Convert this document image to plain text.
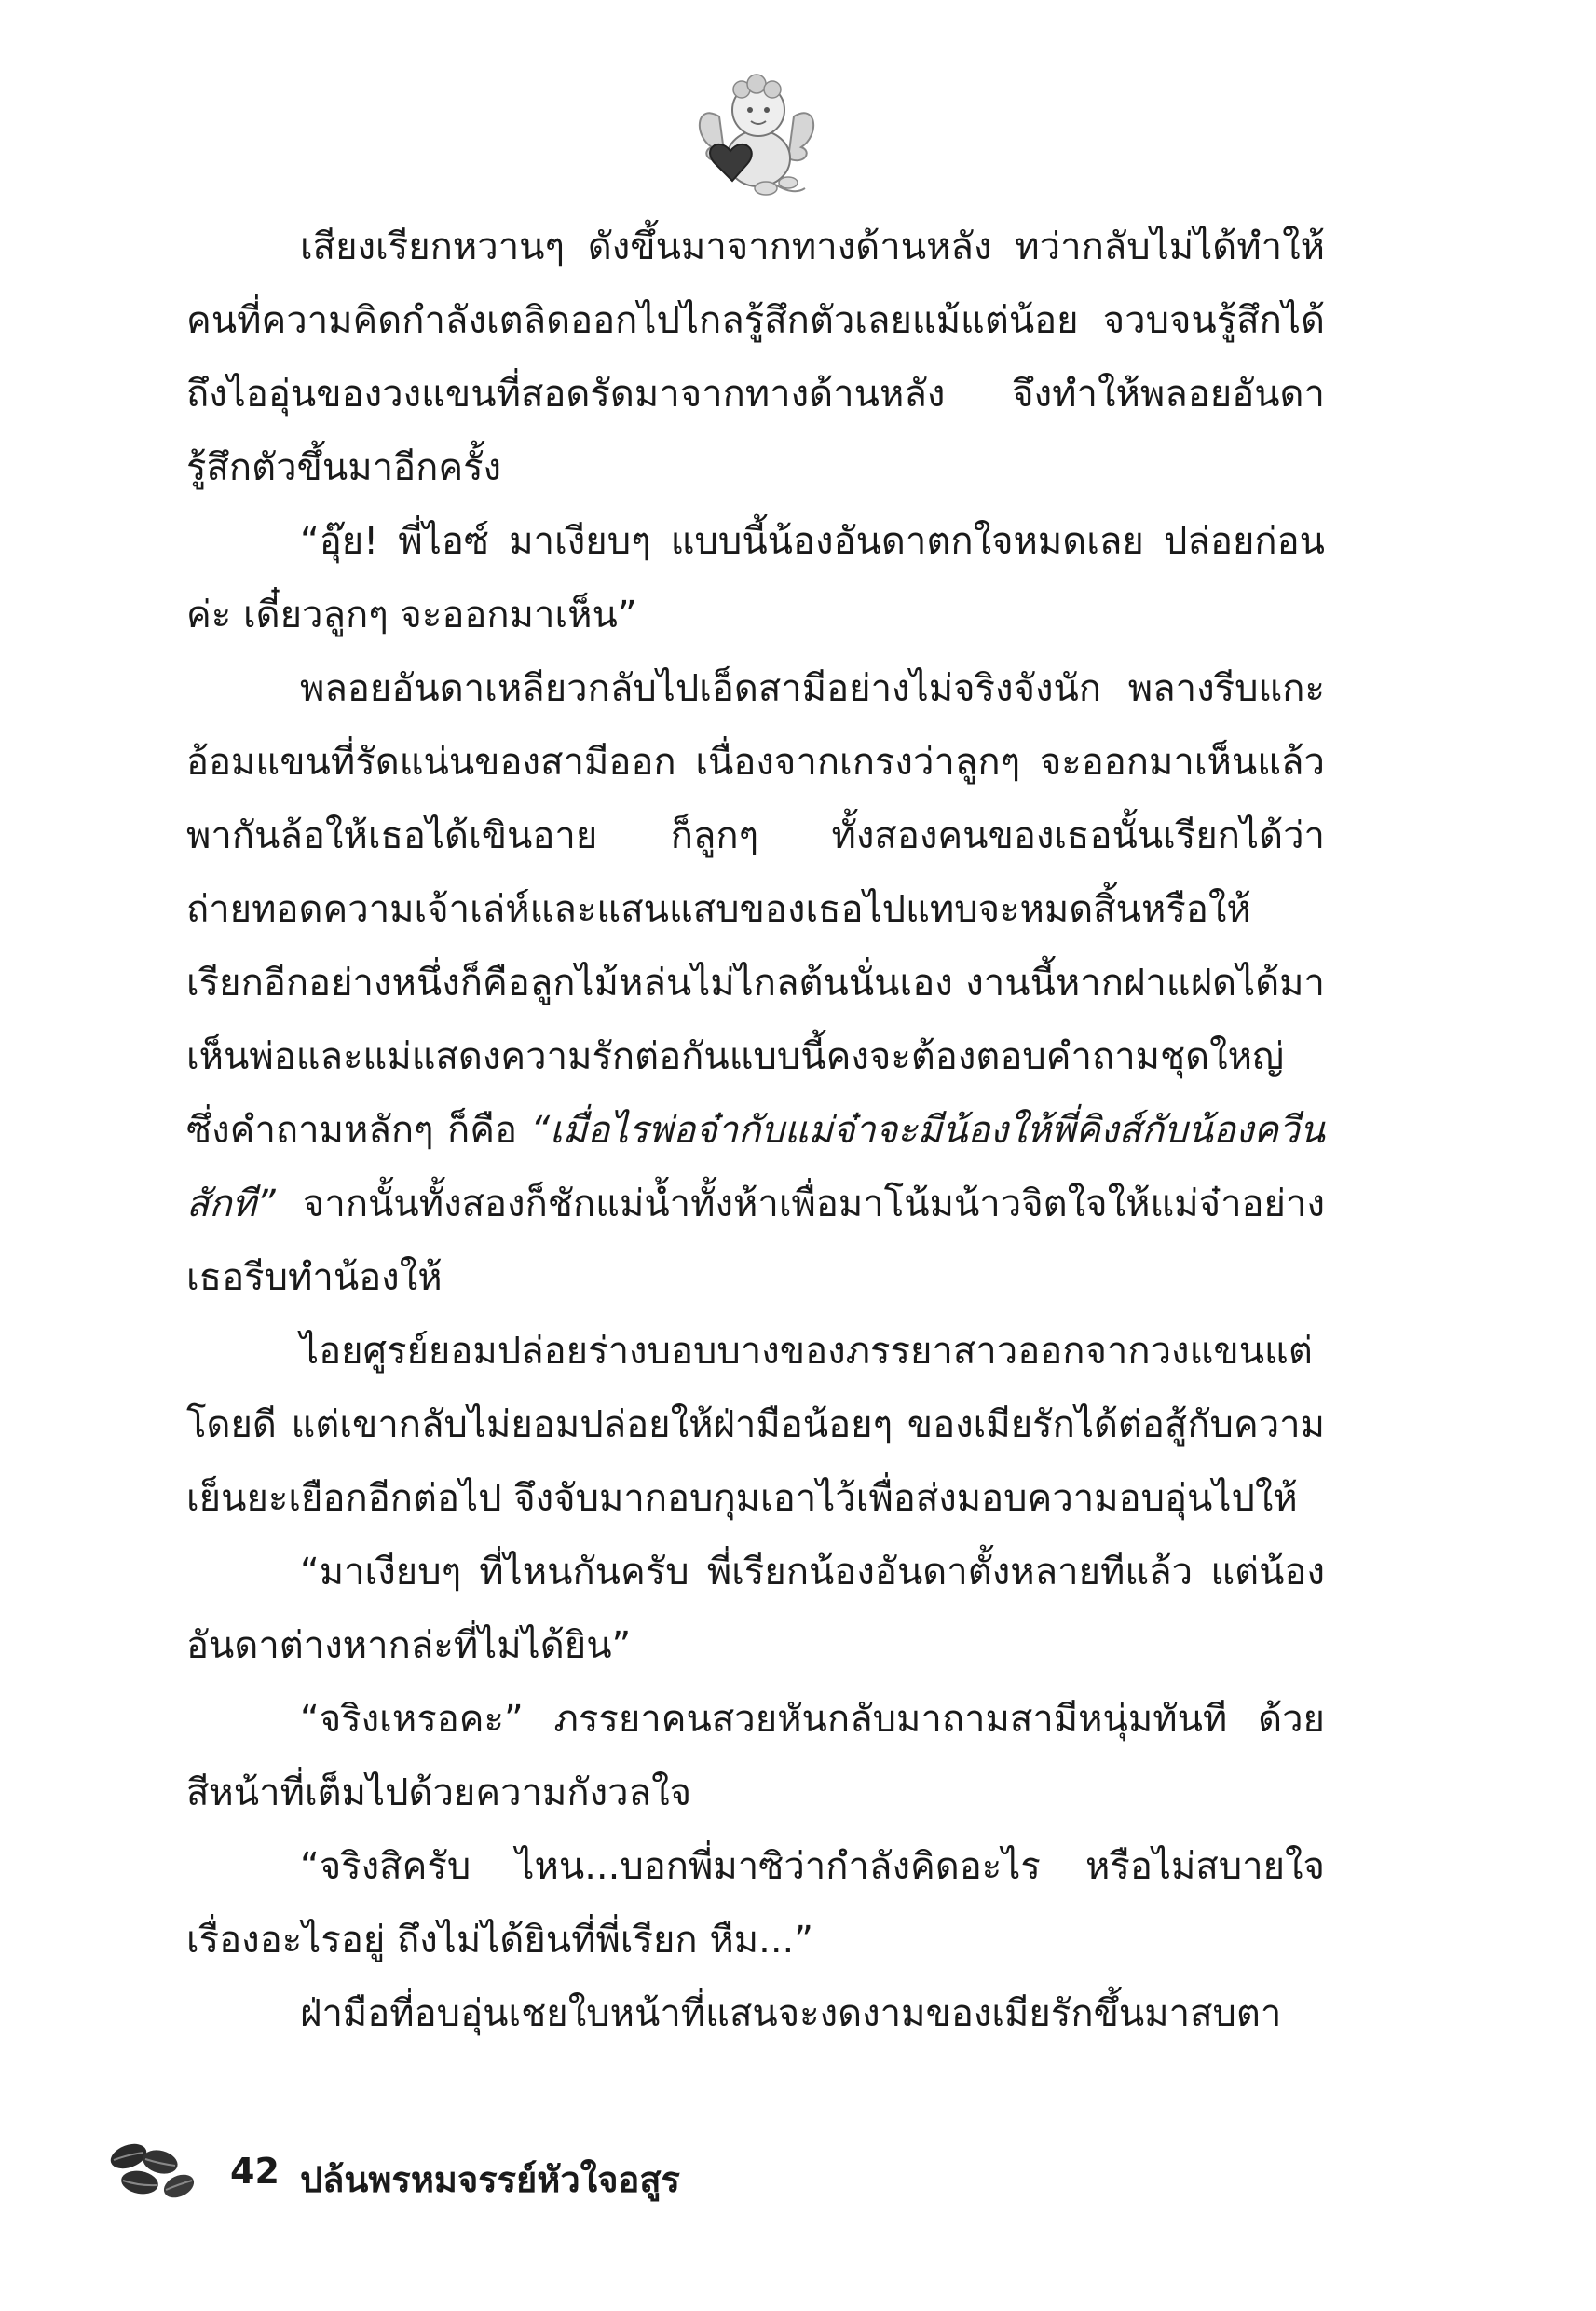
เสียงเรียกหวานๆ ดังขึ้นมาจากทางด้านหลัง ทว่ากลับไม่ได้ทำให้คนที่ความคิดกำลังเตลิดออกไปไกลรู้สึกตัวเลยแม้แต่น้อย จวบจนรู้สึกได้ถึงไออุ่นของวงแขนที่สอดรัดมาจากทางด้านหลัง จึงทำให้พลอยอันดารู้สึกตัวขึ้นมาอีกครั้ง

“อุ๊ย! พี่ไอซ์ มาเงียบๆ แบบนี้น้องอันดาตกใจหมดเลย ปล่อยก่อนค่ะ เดี๋ยวลูกๆ จะออกมาเห็น”

พลอยอันดาเหลียวกลับไปเอ็ดสามีอย่างไม่จริงจังนัก พลางรีบแกะอ้อมแขนที่รัดแน่นของสามีออก เนื่องจากเกรงว่าลูกๆ จะออกมาเห็นแล้วพากันล้อให้เธอได้เขินอาย ก็ลูกๆ ทั้งสองคนของเธอนั้นเรียกได้ว่าถ่ายทอดความเจ้าเล่ห์และแสนแสบของเธอไปแทบจะหมดสิ้นหรือให้เรียกอีกอย่างหนึ่งก็คือลูกไม้หล่นไม่ไกลต้นนั่นเอง งานนี้หากฝาแฝดได้มาเห็นพ่อและแม่แสดงความรักต่อกันแบบนี้คงจะต้องตอบคำถามชุดใหญ่ ซึ่งคำถามหลักๆ ก็คือ “เมื่อไรพ่อจ๋ากับแม่จ๋าจะมีน้องให้พี่คิงส์กับน้องควีนสักที” จากนั้นทั้งสองก็ชักแม่น้ำทั้งห้าเพื่อมาโน้มน้าวจิตใจให้แม่จ๋าอย่างเธอรีบทำน้องให้

ไอยศูรย์ยอมปล่อยร่างบอบบางของภรรยาสาวออกจากวงแขนแต่โดยดี แต่เขากลับไม่ยอมปล่อยให้ฝ่ามือน้อยๆ ของเมียรักได้ต่อสู้กับความเย็นยะเยือกอีกต่อไป จึงจับมากอบกุมเอาไว้เพื่อส่งมอบความอบอุ่นไปให้

“มาเงียบๆ ที่ไหนกันครับ พี่เรียกน้องอันดาตั้งหลายทีแล้ว แต่น้องอันดาต่างหากล่ะที่ไม่ได้ยิน”

“จริงเหรอคะ” ภรรยาคนสวยหันกลับมาถามสามีหนุ่มทันที ด้วยสีหน้าที่เต็มไปด้วยความกังวลใจ

“จริงสิครับ ไหน...บอกพี่มาซิว่ากำลังคิดอะไร หรือไม่สบายใจเรื่องอะไรอยู่ ถึงไม่ได้ยินที่พี่เรียก หืม...”

ฝ่ามือที่อบอุ่นเชยใบหน้าที่แสนจะงดงามของเมียรักขึ้นมาสบตา

42 ปล้นพรหมจรรย์หัวใจอสูร
